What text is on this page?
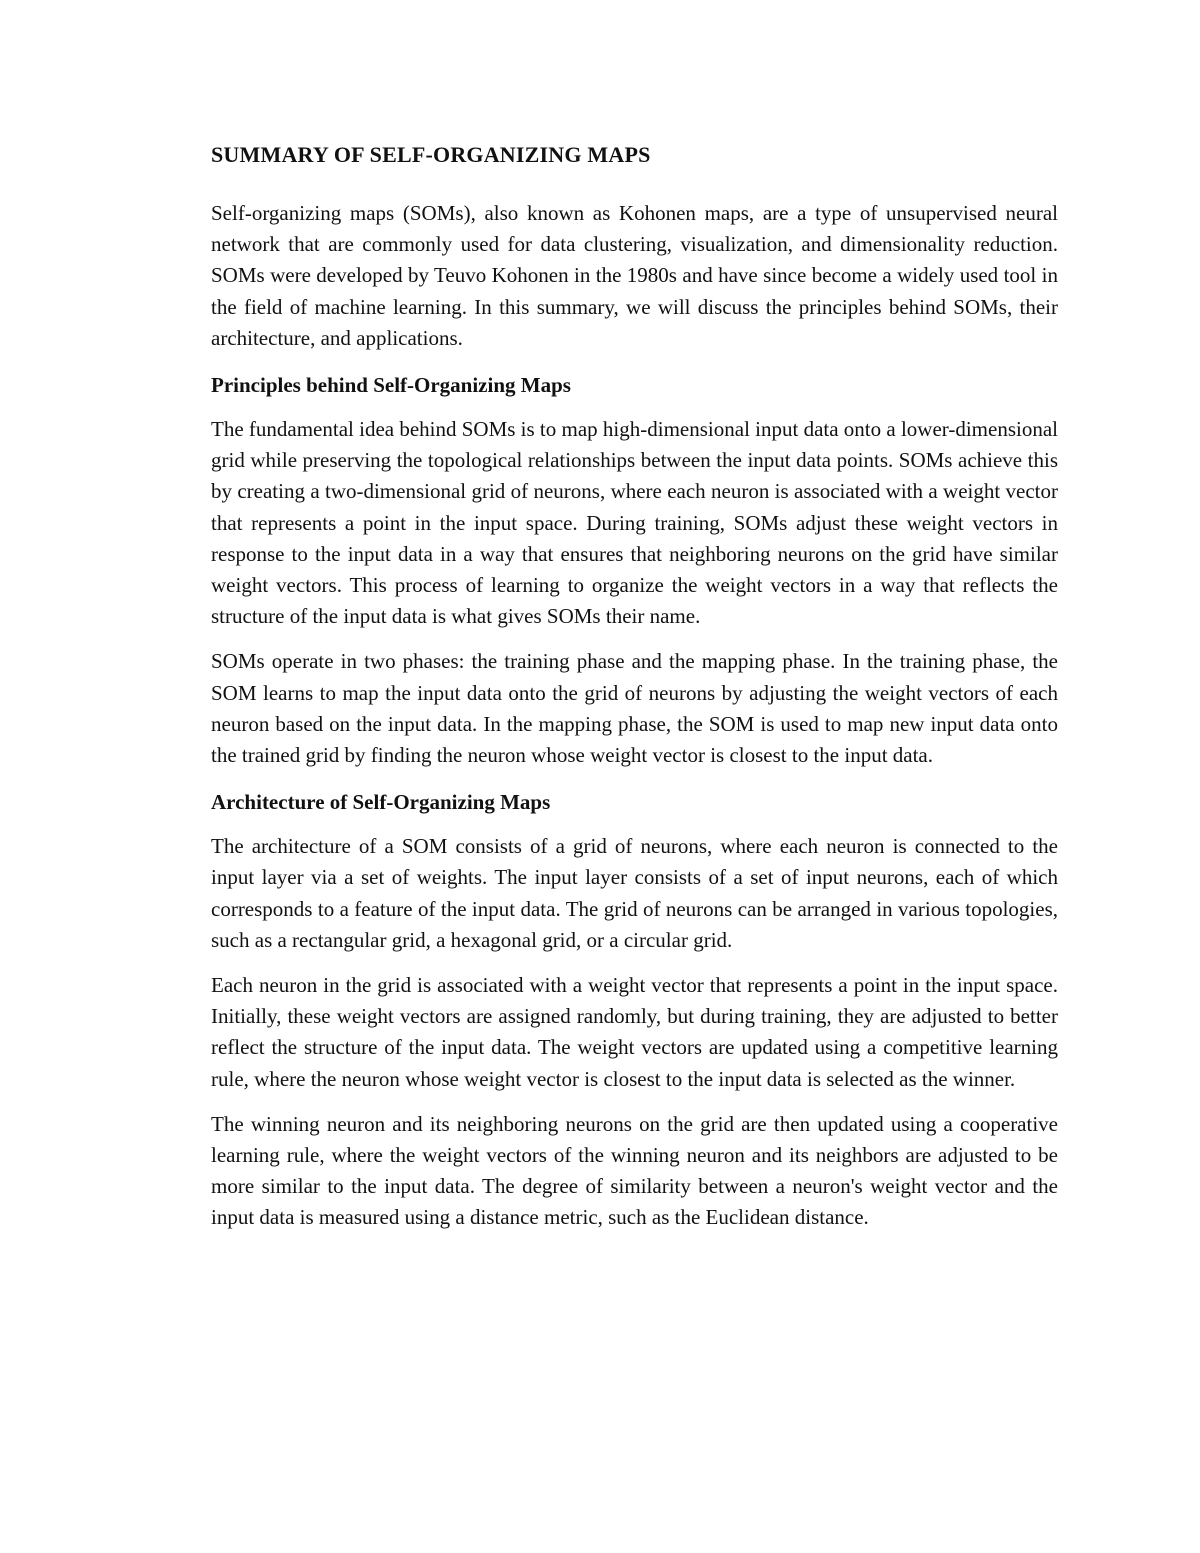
SUMMARY OF SELF-ORGANIZING MAPS

Self-organizing maps (SOMs), also known as Kohonen maps, are a type of unsupervised neural network that are commonly used for data clustering, visualization, and dimensionality reduction. SOMs were developed by Teuvo Kohonen in the 1980s and have since become a widely used tool in the field of machine learning. In this summary, we will discuss the principles behind SOMs, their architecture, and applications.

Principles behind Self-Organizing Maps

The fundamental idea behind SOMs is to map high-dimensional input data onto a lower-dimensional grid while preserving the topological relationships between the input data points. SOMs achieve this by creating a two-dimensional grid of neurons, where each neuron is associated with a weight vector that represents a point in the input space. During training, SOMs adjust these weight vectors in response to the input data in a way that ensures that neighboring neurons on the grid have similar weight vectors. This process of learning to organize the weight vectors in a way that reflects the structure of the input data is what gives SOMs their name.

SOMs operate in two phases: the training phase and the mapping phase. In the training phase, the SOM learns to map the input data onto the grid of neurons by adjusting the weight vectors of each neuron based on the input data. In the mapping phase, the SOM is used to map new input data onto the trained grid by finding the neuron whose weight vector is closest to the input data.

Architecture of Self-Organizing Maps

The architecture of a SOM consists of a grid of neurons, where each neuron is connected to the input layer via a set of weights. The input layer consists of a set of input neurons, each of which corresponds to a feature of the input data. The grid of neurons can be arranged in various topologies, such as a rectangular grid, a hexagonal grid, or a circular grid.

Each neuron in the grid is associated with a weight vector that represents a point in the input space. Initially, these weight vectors are assigned randomly, but during training, they are adjusted to better reflect the structure of the input data. The weight vectors are updated using a competitive learning rule, where the neuron whose weight vector is closest to the input data is selected as the winner.

The winning neuron and its neighboring neurons on the grid are then updated using a cooperative learning rule, where the weight vectors of the winning neuron and its neighbors are adjusted to be more similar to the input data. The degree of similarity between a neuron's weight vector and the input data is measured using a distance metric, such as the Euclidean distance.
